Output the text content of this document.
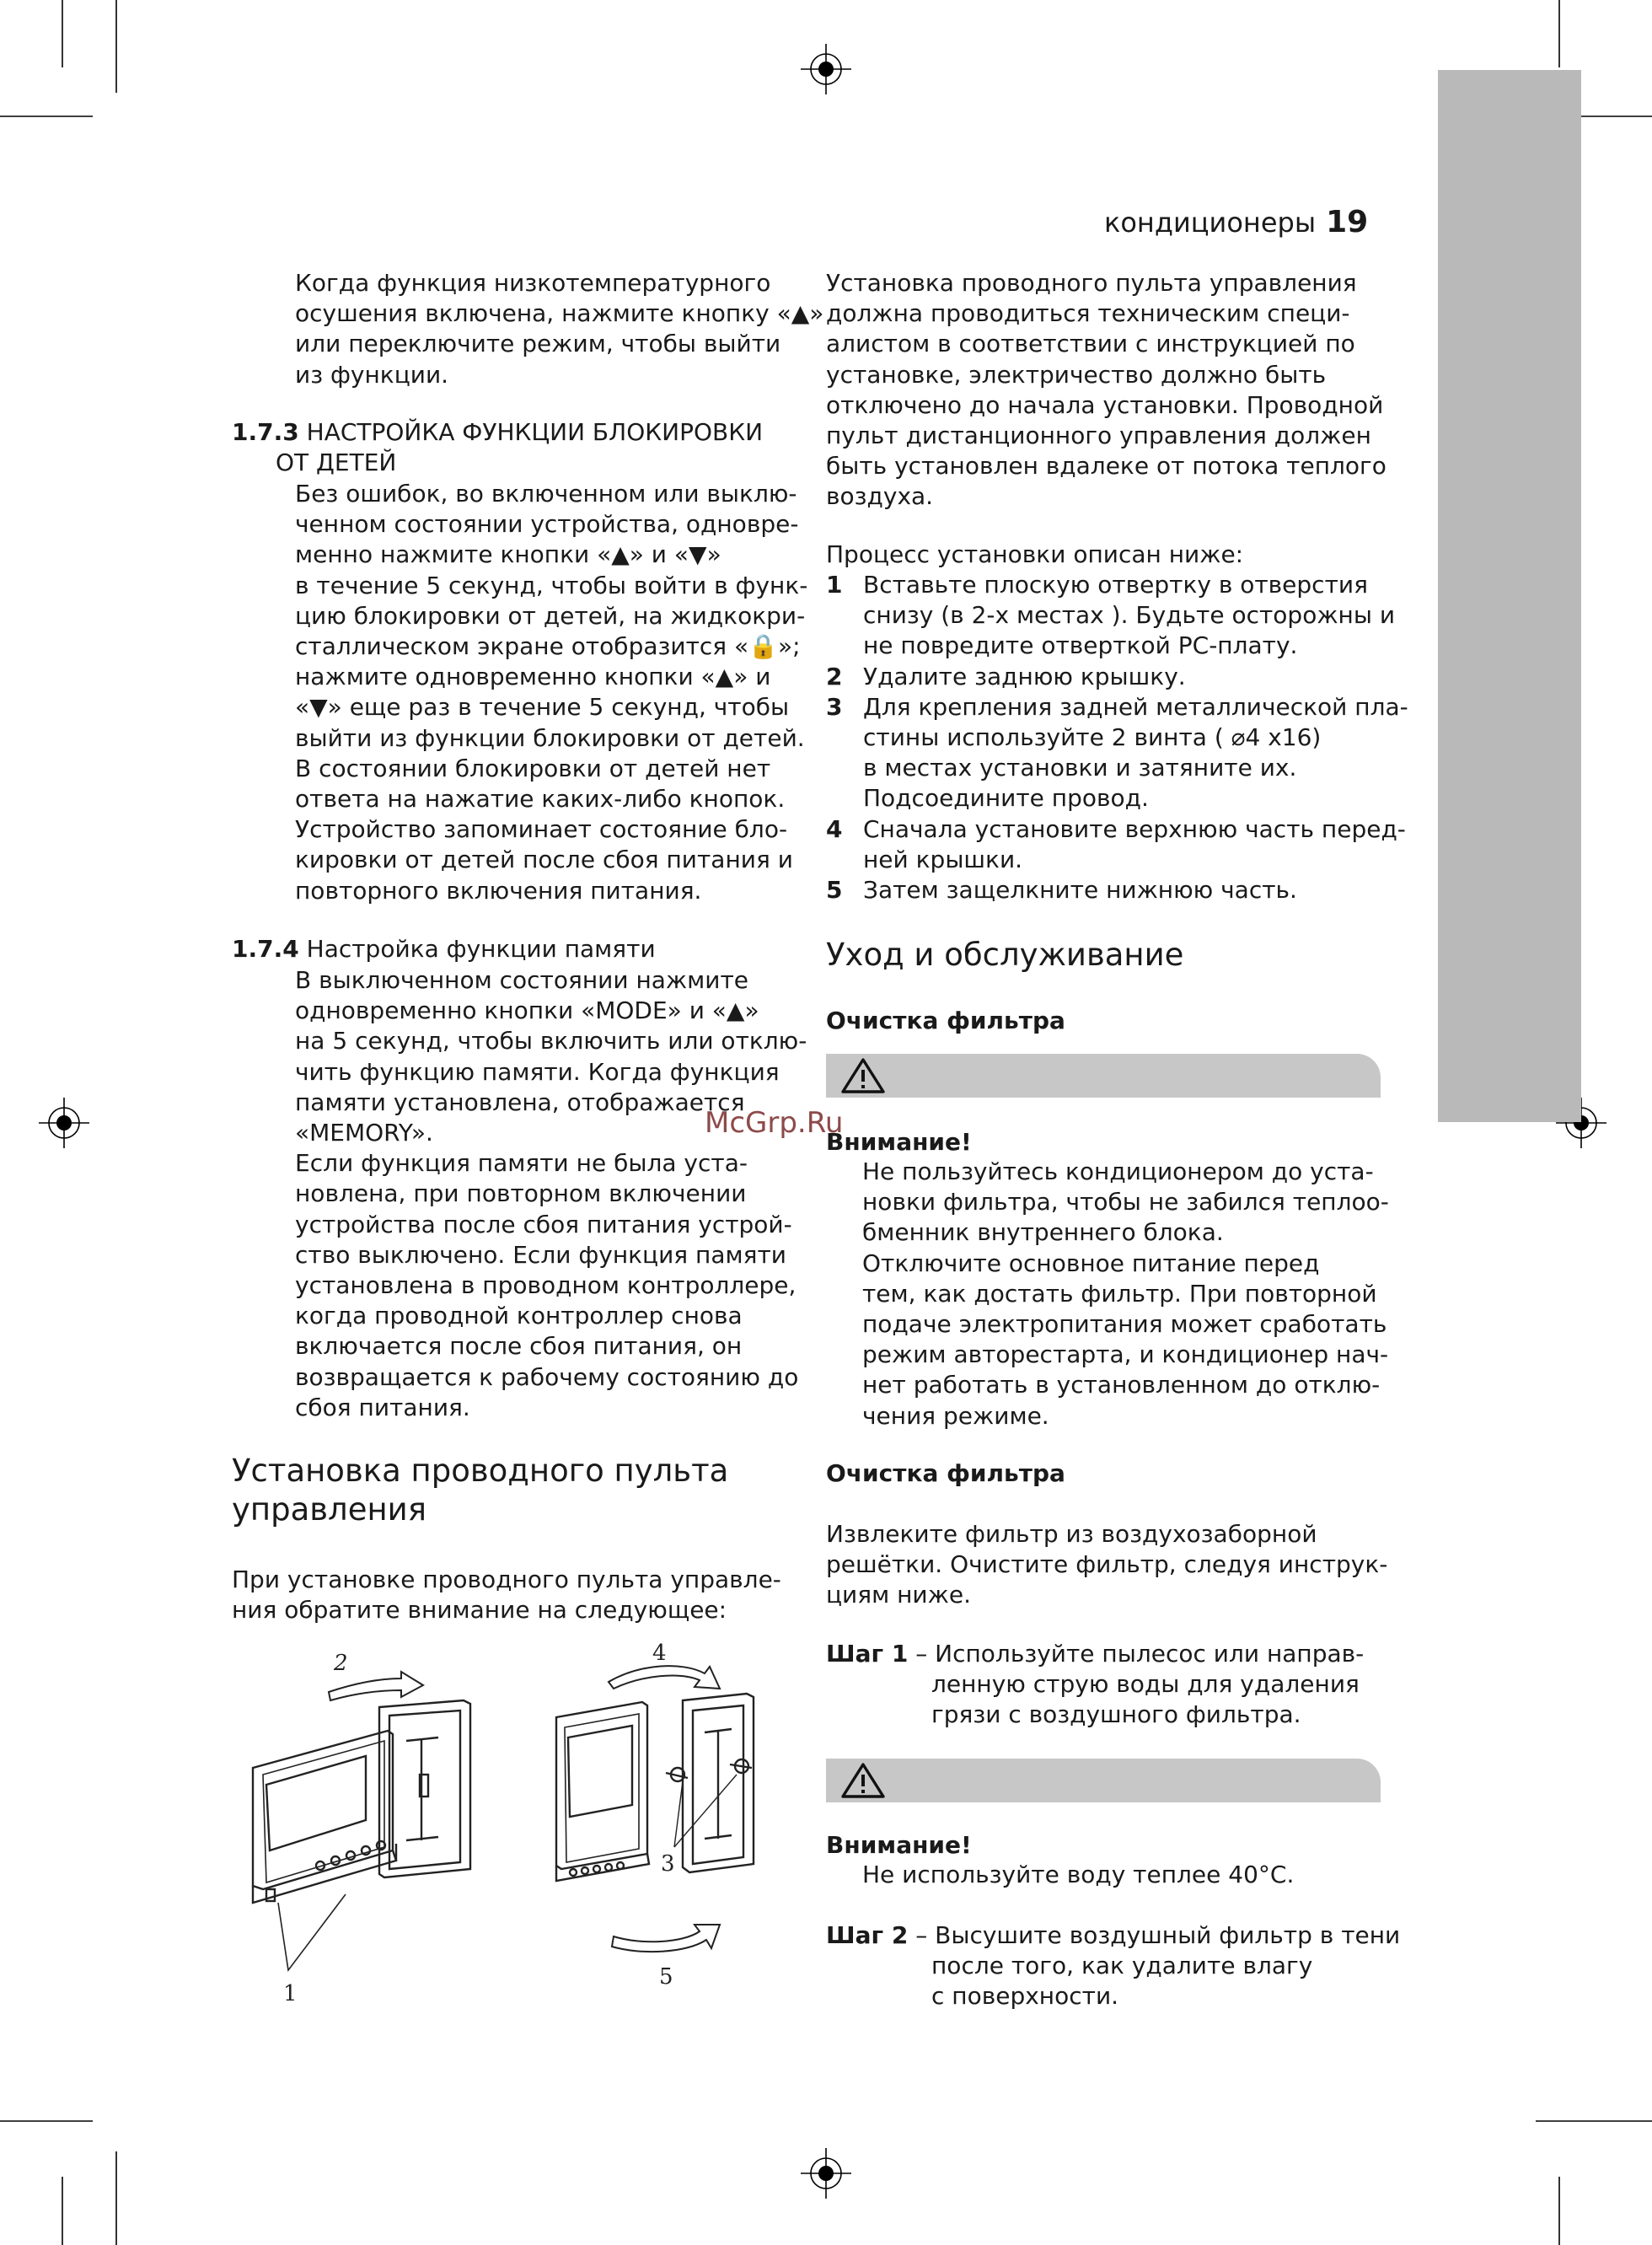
кондиционеры 19
Когда функция низкотемпературного
осушения включена, нажмите кнопку «▲»
или переключите режим, чтобы выйти
из функции.
1.7.3 НАСТРОЙКА ФУНКЦИИ БЛОКИРОВКИ
ОТ ДЕТЕЙ
Без ошибок, во включенном или выклю-
ченном состоянии устройства, одновре-
менно нажмите кнопки «▲» и «▼»
в течение 5 секунд, чтобы войти в функ-
цию блокировки от детей, на жидкокри-
сталлическом экране отобразится «🔒»;
нажмите одновременно кнопки «▲» и
«▼» еще раз в течение 5 секунд, чтобы
выйти из функции блокировки от детей.
В состоянии блокировки от детей нет
ответа на нажатие каких-либо кнопок.
Устройство запоминает состояние бло-
кировки от детей после сбоя питания и
повторного включения питания.
1.7.4 Настройка функции памяти
В выключенном состоянии нажмите
одновременно кнопки «MODE» и «▲»
на 5 секунд, чтобы включить или отклю-
чить функцию памяти. Когда функция
памяти установлена, отображается
«MEMORY».
Если функция памяти не была уста-
новлена, при повторном включении
устройства после сбоя питания устрой-
ство выключено. Если функция памяти
установлена в проводном контроллере,
когда проводной контроллер снова
включается после сбоя питания, он
возвращается к рабочему состоянию до
сбоя питания.
Установка проводного пульта
управления
При установке проводного пульта управле-
ния обратите внимание на следующее:
1
2
3
4
5
Установка проводного пульта управления
должна проводиться техническим специ-
алистом в соответствии с инструкцией по
установке, электричество должно быть
отключено до начала установки. Проводной
пульт дистанционного управления должен
быть установлен вдалеке от потока теплого
воздуха.
Процесс установки описан ниже:
1 Вставьте плоскую отвертку в отверстия
снизу (в 2-х местах ). Будьте осторожны и
не повредите отверткой PC-плату.
2 Удалите заднюю крышку.
3 Для крепления задней металлической пла-
стины используйте 2 винта ( ⌀4 x16)
в местах установки и затяните их.
Подсоедините провод.
4 Сначала установите верхнюю часть перед-
ней крышки.
5 Затем защелкните нижнюю часть.
Уход и обслуживание
Очистка фильтра
McGrp.Ru
Внимание!
Не пользуйтесь кондиционером до уста-
новки фильтра, чтобы не забился теплоо-
бменник внутреннего блока.
Отключите основное питание перед
тем, как достать фильтр. При повторной
подаче электропитания может сработать
режим авторестарта, и кондиционер нач-
нет работать в установленном до отклю-
чения режиме.
Очистка фильтра
Извлеките фильтр из воздухозаборной
решётки. Очистите фильтр, следуя инструк-
циям ниже.
Шаг 1 – Используйте пылесос или направ-
ленную струю воды для удаления
грязи с воздушного фильтра.
Внимание!
Не используйте воду теплее 40°C.
Шаг 2 – Высушите воздушный фильтр в тени
после того, как удалите влагу
с поверхности.
